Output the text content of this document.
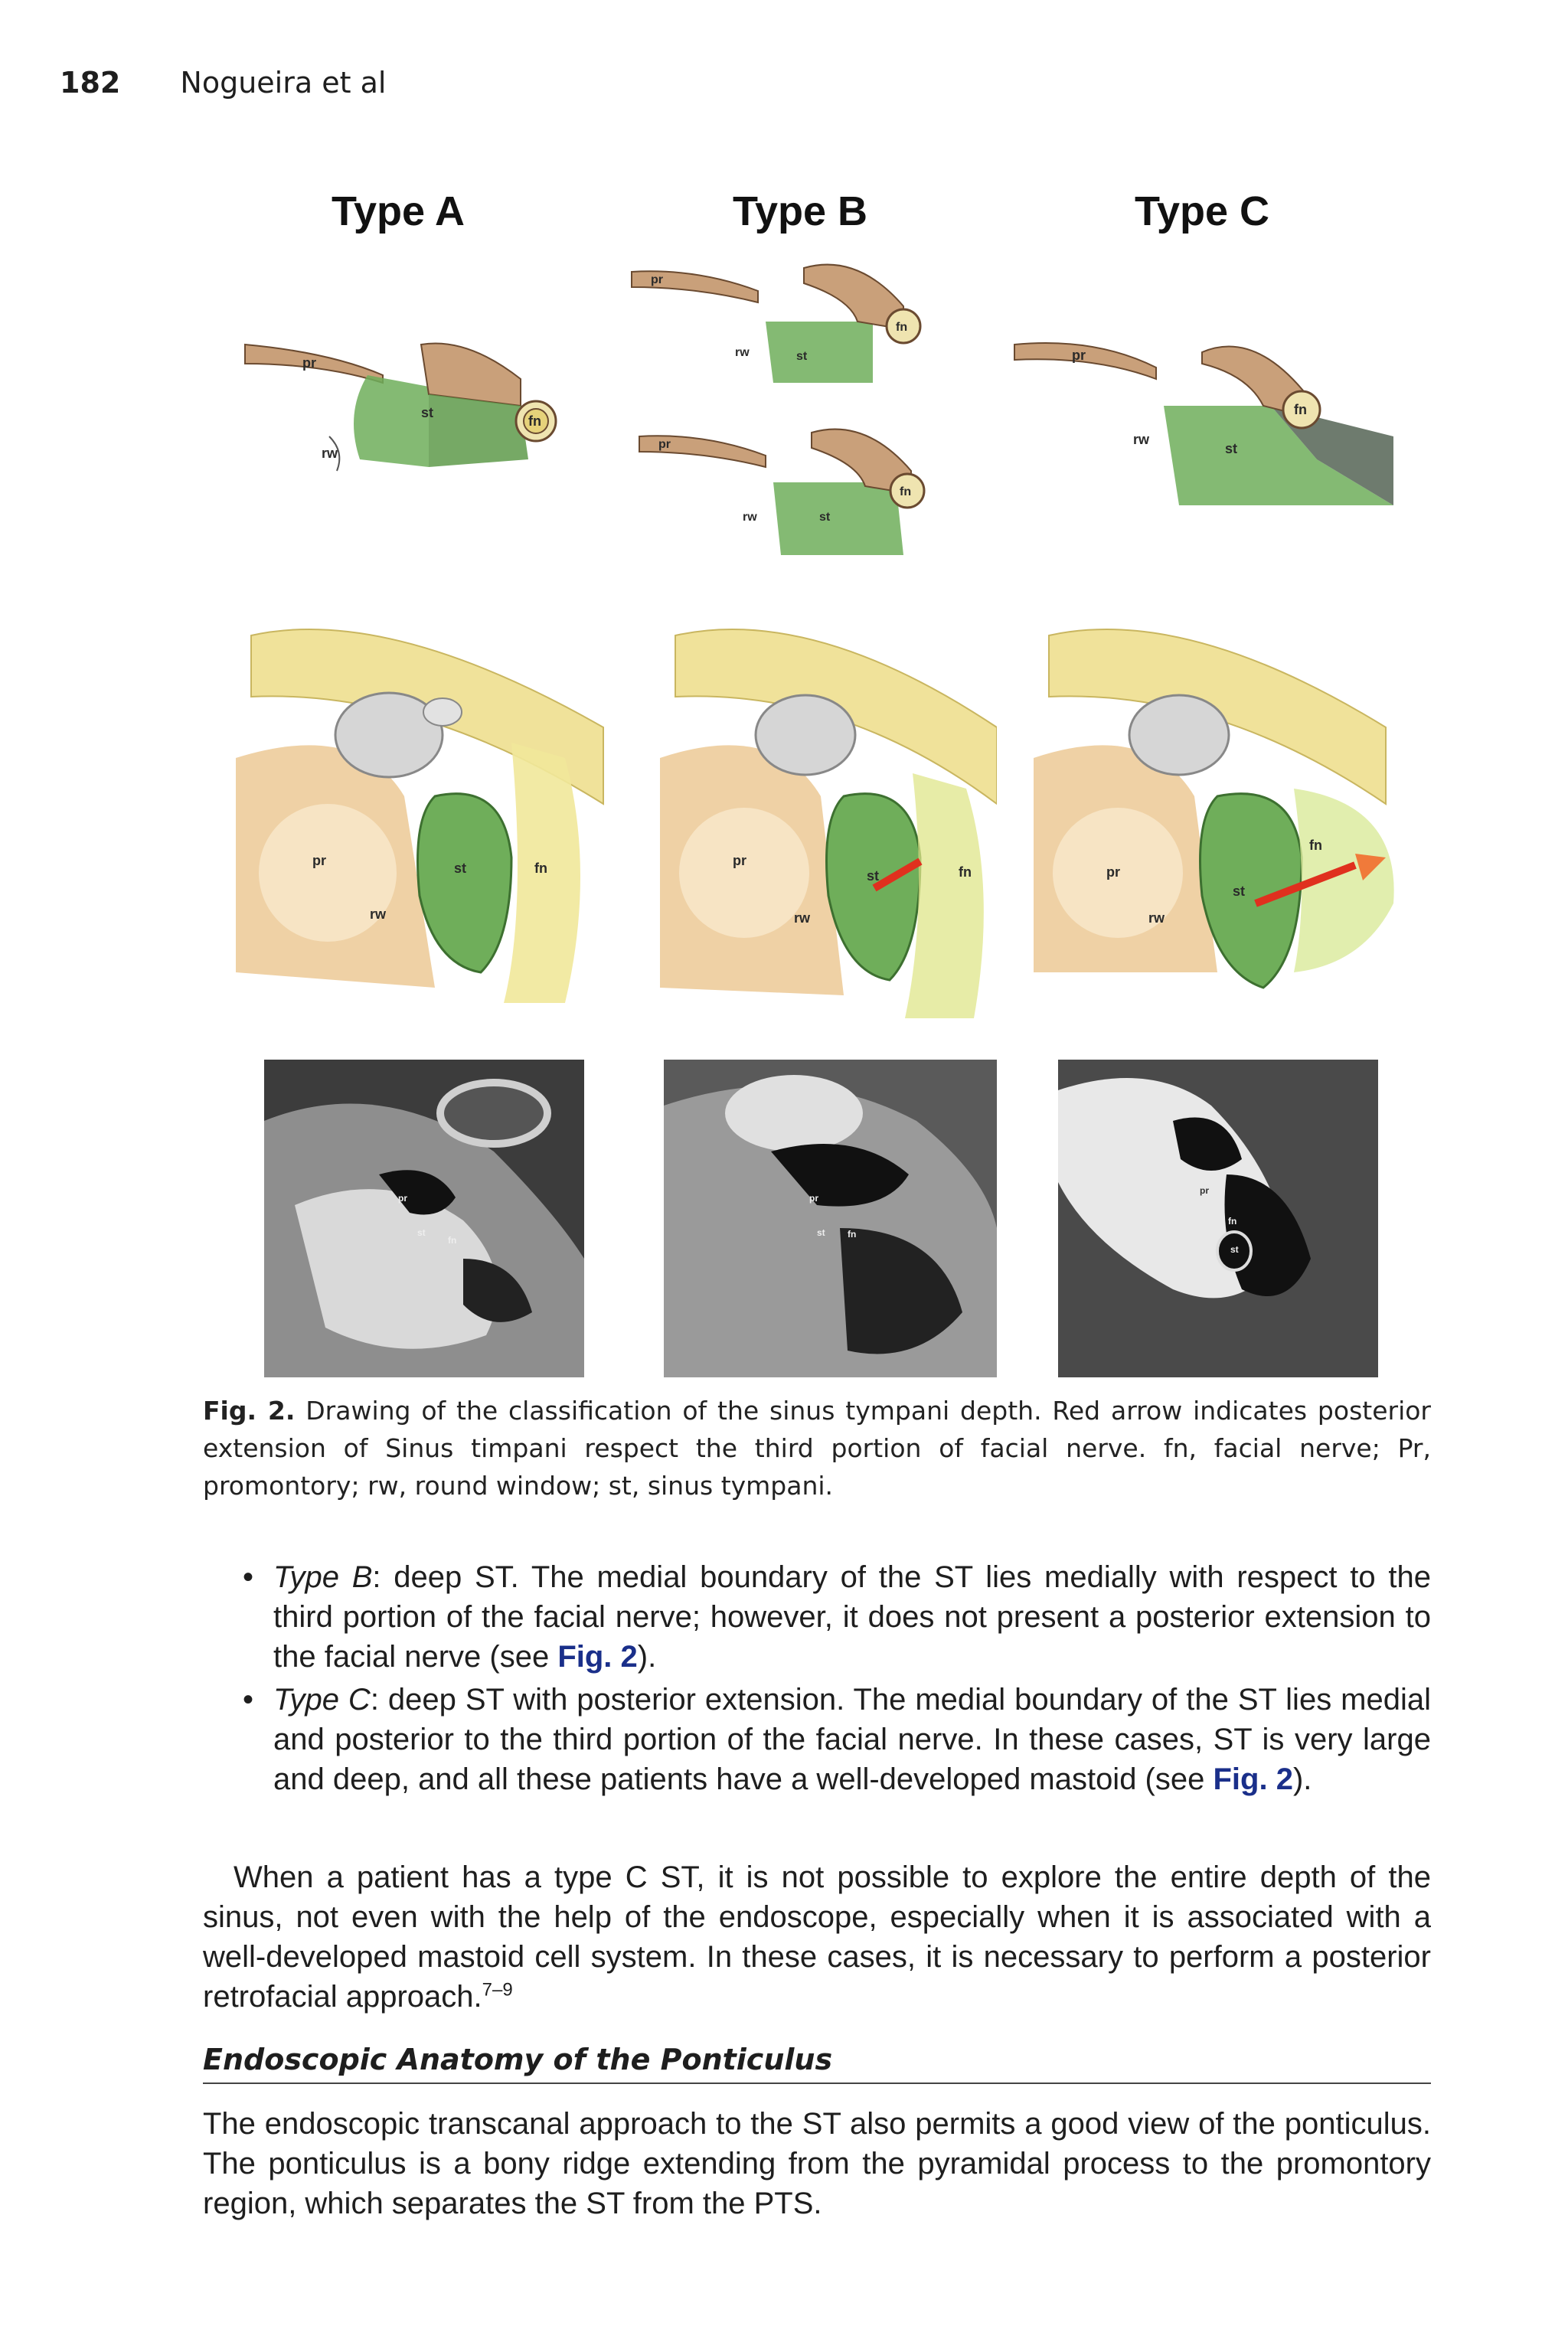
182 Nogueira et al
Type A	Type B	Type C
pr
rw
st
fn
pr
rw	st
fn
pr
rw	st
fn
pr
rw
st
fn
pr
rw
st	fn	pr
rw
st	fn	pr
rw
st
fn
pr
st
fn
pr
st fn
pr
st
fn
Fig. 2. Drawing of the classification of the sinus tympani depth. Red arrow indicates posterior extension of Sinus timpani respect the third portion of facial nerve. fn, facial nerve; Pr, promontory; rw, round window; st, sinus tympani.
• Type B: deep ST. The medial boundary of the ST lies medially with respect to the third portion of the facial nerve; however, it does not present a posterior extension to the facial nerve (see Fig. 2).
• Type C: deep ST with posterior extension. The medial boundary of the ST lies medial and posterior to the third portion of the facial nerve. In these cases, ST is very large and deep, and all these patients have a well-developed mastoid (see Fig. 2).
When a patient has a type C ST, it is not possible to explore the entire depth of the sinus, not even with the help of the endoscope, especially when it is associated with a well-developed mastoid cell system. In these cases, it is necessary to perform a posterior retrofacial approach.$^{7-9}$
Endoscopic Anatomy of the Ponticulus
The endoscopic transcanal approach to the ST also permits a good view of the ponticulus. The ponticulus is a bony ridge extending from the pyramidal process to the promontory region, which separates the ST from the PTS.
